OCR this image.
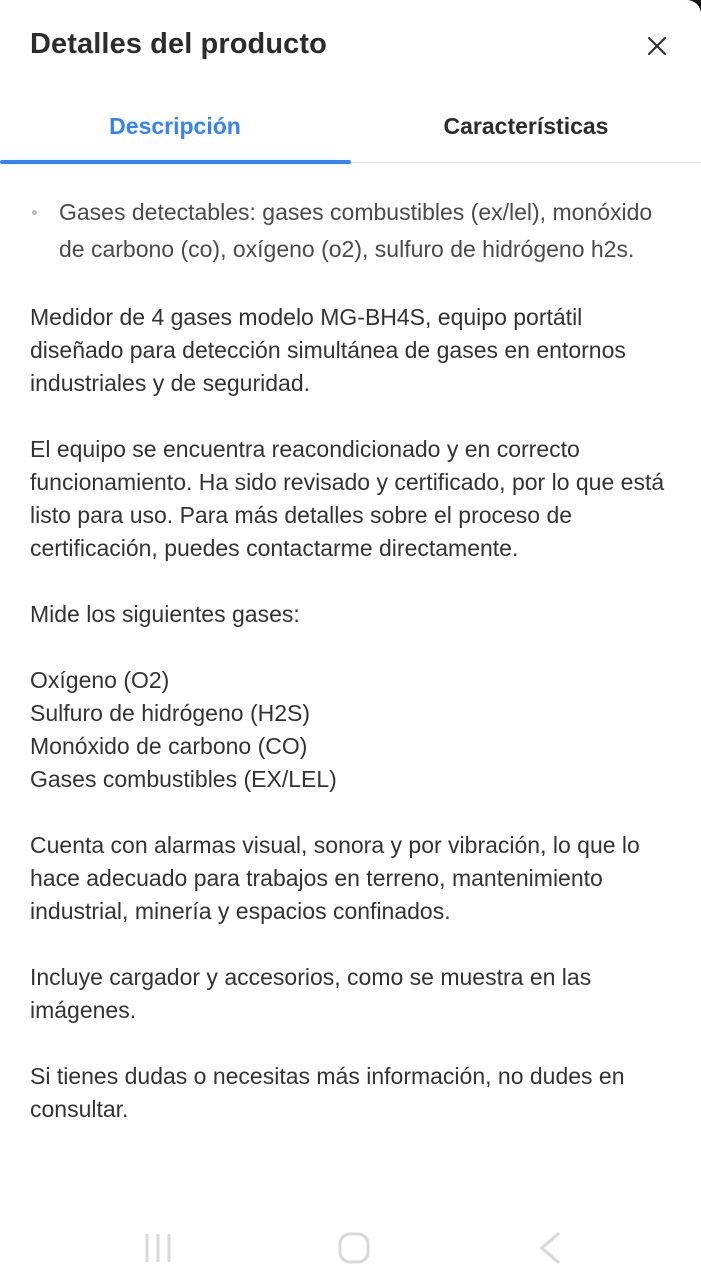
Detalles del producto
Descripción	Características
Gases detectables: gases combustibles (ex/lel), monóxido de carbono (co), oxígeno (o2), sulfuro de hidrógeno h2s.

Medidor de 4 gases modelo MG-BH4S, equipo portátil diseñado para detección simultánea de gases en entornos industriales y de seguridad.

El equipo se encuentra reacondicionado y en correcto funcionamiento. Ha sido revisado y certificado, por lo que está listo para uso. Para más detalles sobre el proceso de certificación, puedes contactarme directamente.

Mide los siguientes gases:

Oxígeno (O2)
Sulfuro de hidrógeno (H2S)
Monóxido de carbono (CO)
Gases combustibles (EX/LEL)

Cuenta con alarmas visual, sonora y por vibración, lo que lo hace adecuado para trabajos en terreno, mantenimiento industrial, minería y espacios confinados.

Incluye cargador y accesorios, como se muestra en las imágenes.

Si tienes dudas o necesitas más información, no dudes en consultar.
